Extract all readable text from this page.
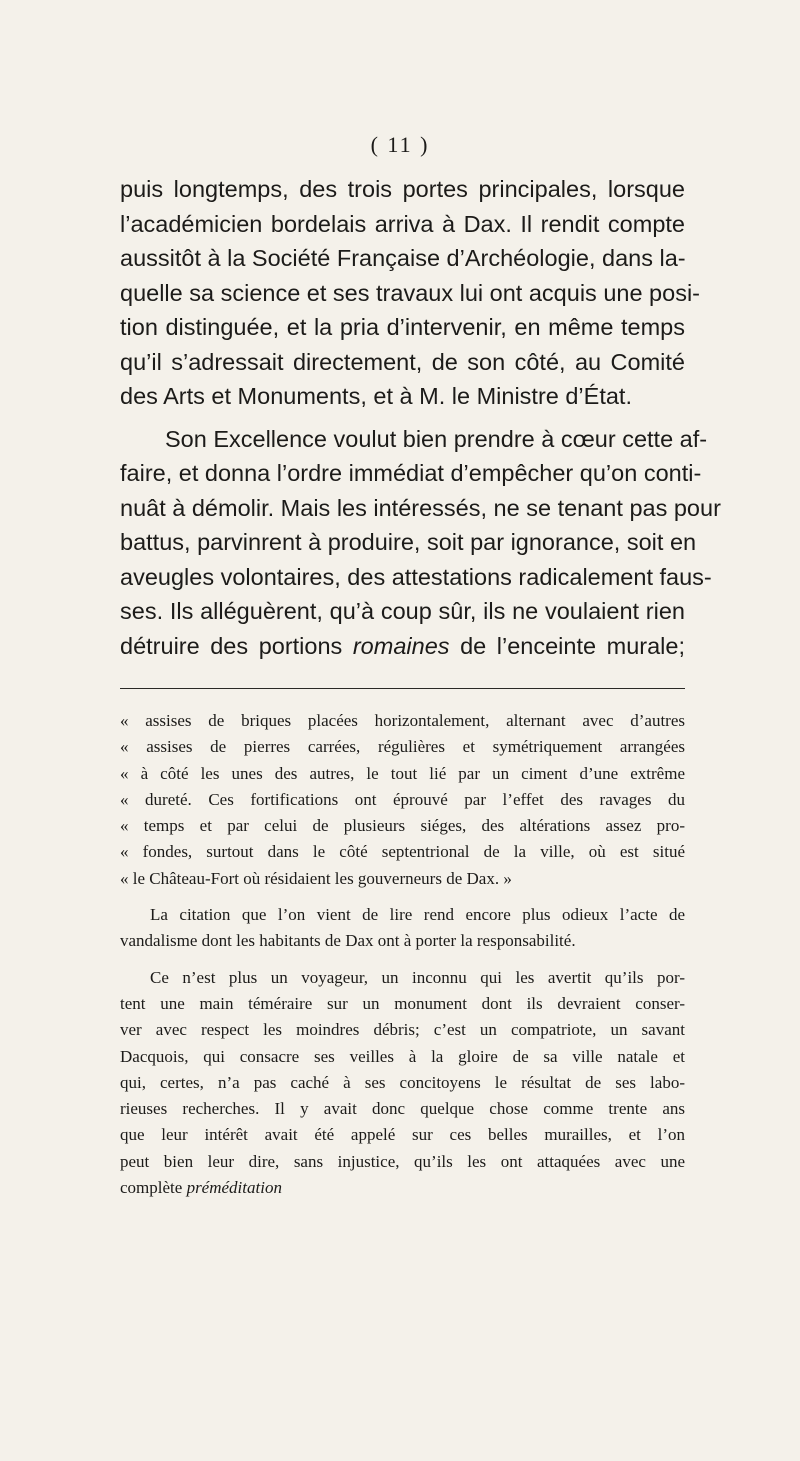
( 11 )

puis longtemps, des trois portes principales, lorsque
l’académicien bordelais arriva à Dax. Il rendit compte
aussitôt à la Société Française d’Archéologie, dans la-
quelle sa science et ses travaux lui ont acquis une posi-
tion distinguée, et la pria d’intervenir, en même temps
qu’il s’adressait directement, de son côté, au Comité
des Arts et Monuments, et à M. le Ministre d’État.

Son Excellence voulut bien prendre à cœur cette af-
faire, et donna l’ordre immédiat d’empêcher qu’on conti-
nuât à démolir. Mais les intéressés, ne se tenant pas pour
battus, parvinrent à produire, soit par ignorance, soit en
aveugles volontaires, des attestations radicalement faus-
ses. Ils alléguèrent, qu’à coup sûr, ils ne voulaient rien
détruire des portions romaines de l’enceinte murale;

« assises de briques placées horizontalement, alternant avec d’autres
« assises de pierres carrées, régulières et symétriquement arrangées
« à côté les unes des autres, le tout lié par un ciment d’une extrême
« dureté. Ces fortifications ont éprouvé par l’effet des ravages du
« temps et par celui de plusieurs siéges, des altérations assez pro-
« fondes, surtout dans le côté septentrional de la ville, où est situé
« le Château-Fort où résidaient les gouverneurs de Dax. »
La citation que l’on vient de lire rend encore plus odieux l’acte de
vandalisme dont les habitants de Dax ont à porter la responsabilité.
Ce n’est plus un voyageur, un inconnu qui les avertit qu’ils por-
tent une main téméraire sur un monument dont ils devraient conser-
ver avec respect les moindres débris; c’est un compatriote, un savant
Dacquois, qui consacre ses veilles à la gloire de sa ville natale et
qui, certes, n’a pas caché à ses concitoyens le résultat de ses labo-
rieuses recherches. Il y avait donc quelque chose comme trente ans
que leur intérêt avait été appelé sur ces belles murailles, et l’on
peut bien leur dire, sans injustice, qu’ils les ont attaquées avec une
complète préméditation
